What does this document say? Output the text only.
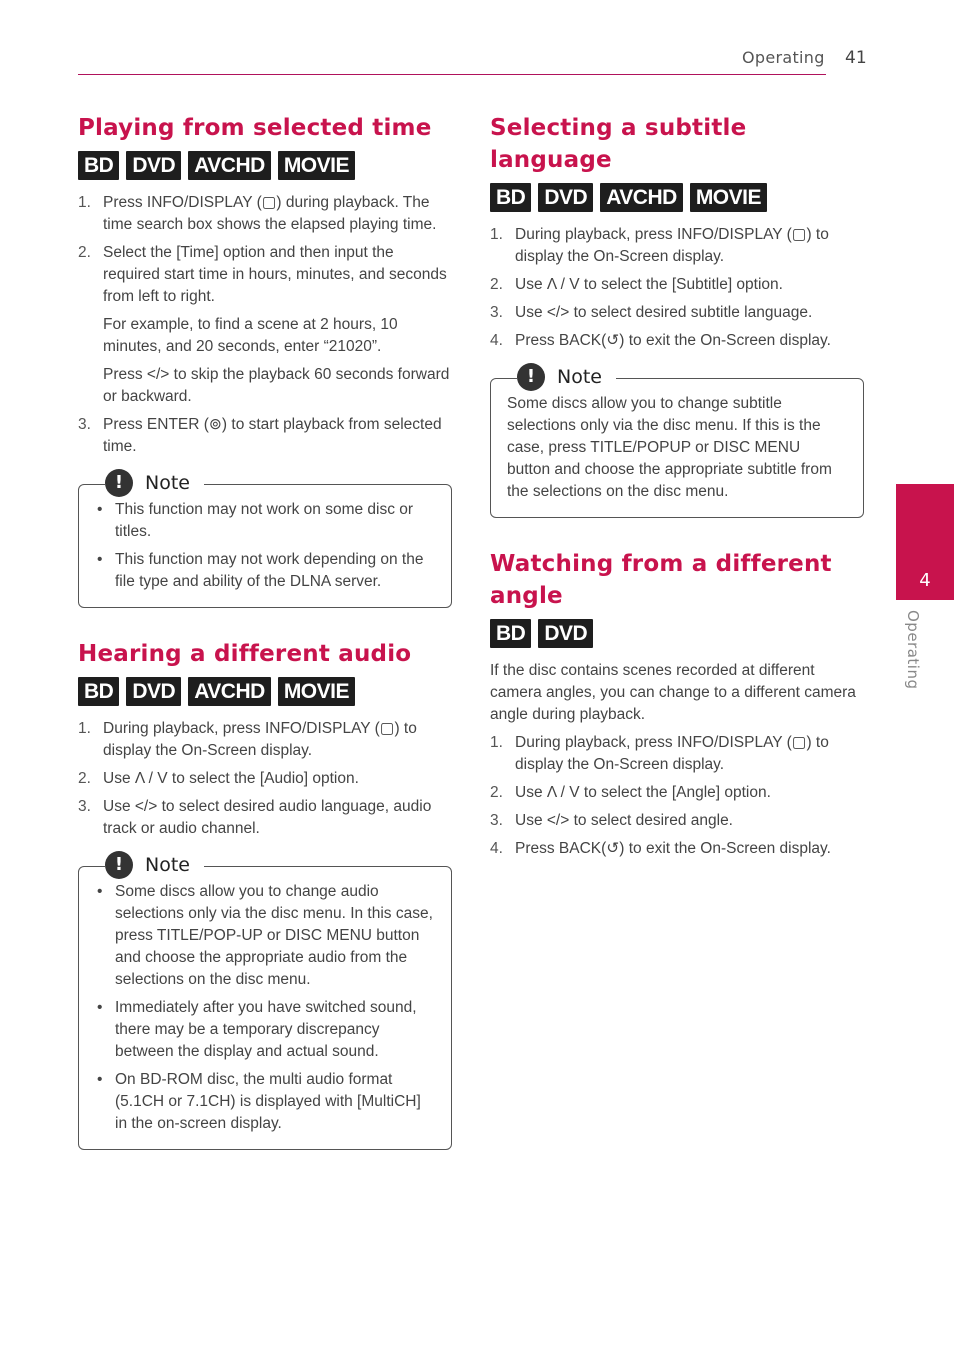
Operating 41
4
Operating
Playing from selected time
BD DVD AVCHD MOVIE
1. Press INFO/DISPLAY (▢) during playback. The time search box shows the elapsed playing time.

2. Select the [Time] option and then input the required start time in hours, minutes, and seconds from left to right.

For example, to find a scene at 2 hours, 10 minutes, and 20 seconds, enter “21020”.

Press </> to skip the playback 60 seconds forward or backward.

3. Press ENTER (⊚) to start playback from selected time.

!	Note
• This function may not work on some disc or titles.
• This function may not work depending on the file type and ability of the DLNA server.
Hearing a different audio
BD DVD AVCHD MOVIE
1. During playback, press INFO/DISPLAY (▢) to display the On-Screen display.

2. Use Λ / V to select the [Audio] option.

3. Use </> to select desired audio language, audio track or audio channel.

!	Note
• Some discs allow you to change audio selections only via the disc menu. In this case, press TITLE/POP-UP or DISC MENU button and choose the appropriate audio from the selections on the disc menu.
• Immediately after you have switched sound, there may be a temporary discrepancy between the display and actual sound.
• On BD-ROM disc, the multi audio format (5.1CH or 7.1CH) is displayed with [MultiCH] in the on-screen display.
Selecting a subtitle language
BD DVD AVCHD MOVIE
1. During playback, press INFO/DISPLAY (▢) to display the On-Screen display.

2. Use Λ / V to select the [Subtitle] option.

3. Use </> to select desired subtitle language.

4. Press BACK(↺) to exit the On-Screen display.

!	Note

Some discs allow you to change subtitle selections only via the disc menu. If this is the case, press TITLE/POPUP or DISC MENU button and choose the appropriate subtitle from the selections on the disc menu.

Watching from a different angle
BD DVD

If the disc contains scenes recorded at different camera angles, you can change to a different camera angle during playback.

1. During playback, press INFO/DISPLAY (▢) to display the On-Screen display.

2. Use Λ / V to select the [Angle] option.

3. Use </> to select desired angle.

4. Press BACK(↺) to exit the On-Screen display.
